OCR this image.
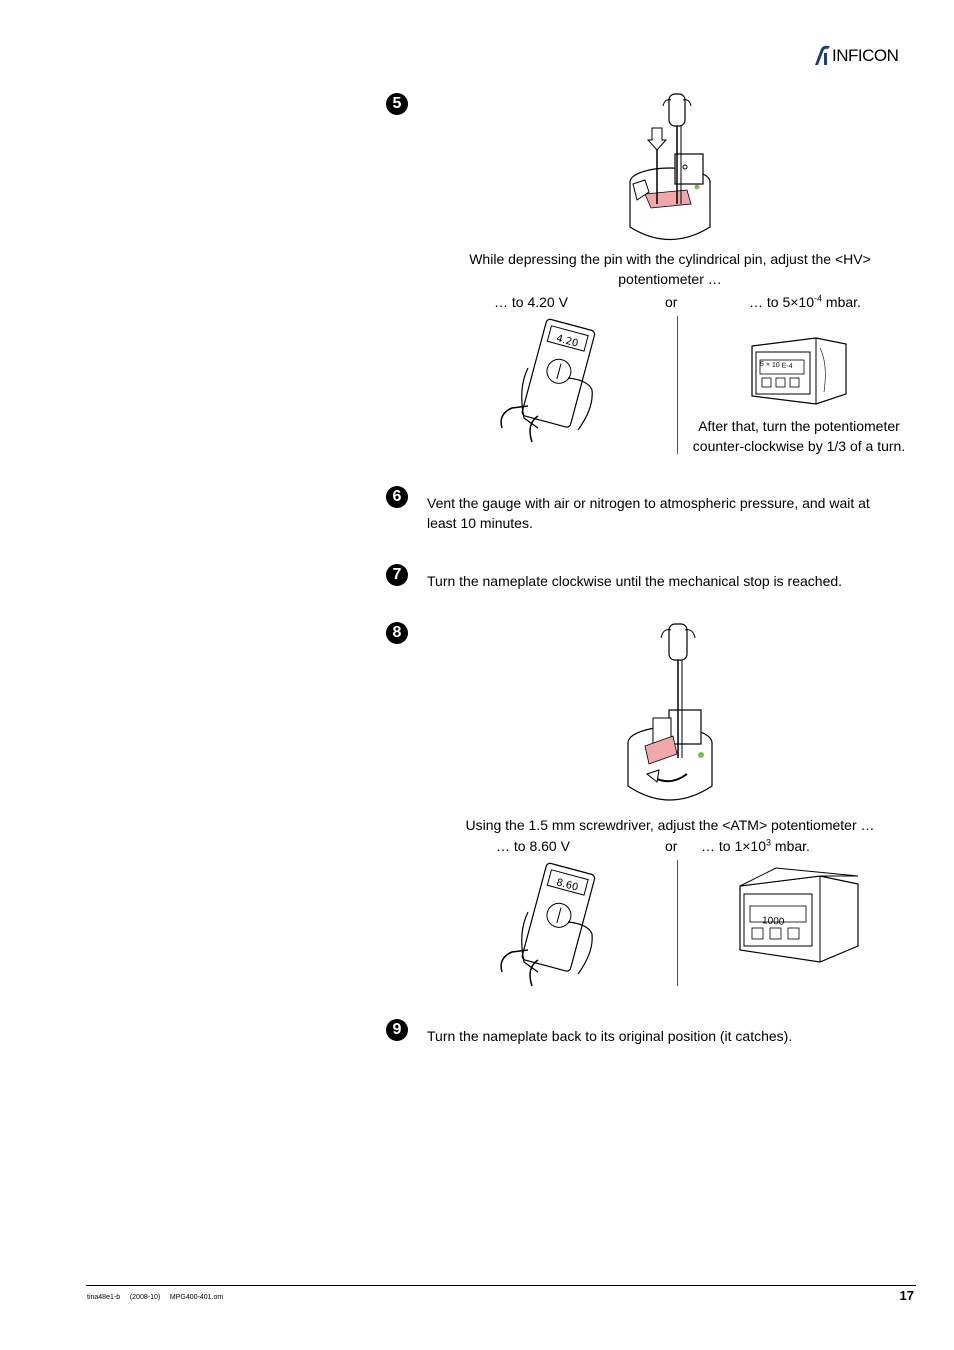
INFICON
5
While depressing the pin with the cylindrical pin, adjust the <HV>
potentiometer …
… to 4.20 V	or	… to $5\times 10^{-4}$ mbar.
4.20
5 × 10 E-4
After that, turn the potentiometer
counter-clockwise by 1/3 of a turn.
6	Vent the gauge with air or nitrogen to atmospheric pressure, and wait at
least 10 minutes.
7	Turn the nameplate clockwise until the mechanical stop is reached.
8
Using the 1.5 mm screwdriver, adjust the <ATM> potentiometer …
… to 8.60 V	or … to $1\times 10^3$ mbar.
8.60
1000
9	Turn the nameplate back to its original position (it catches).
tina48e1-b (2008-10) MPG400-401.om	17
